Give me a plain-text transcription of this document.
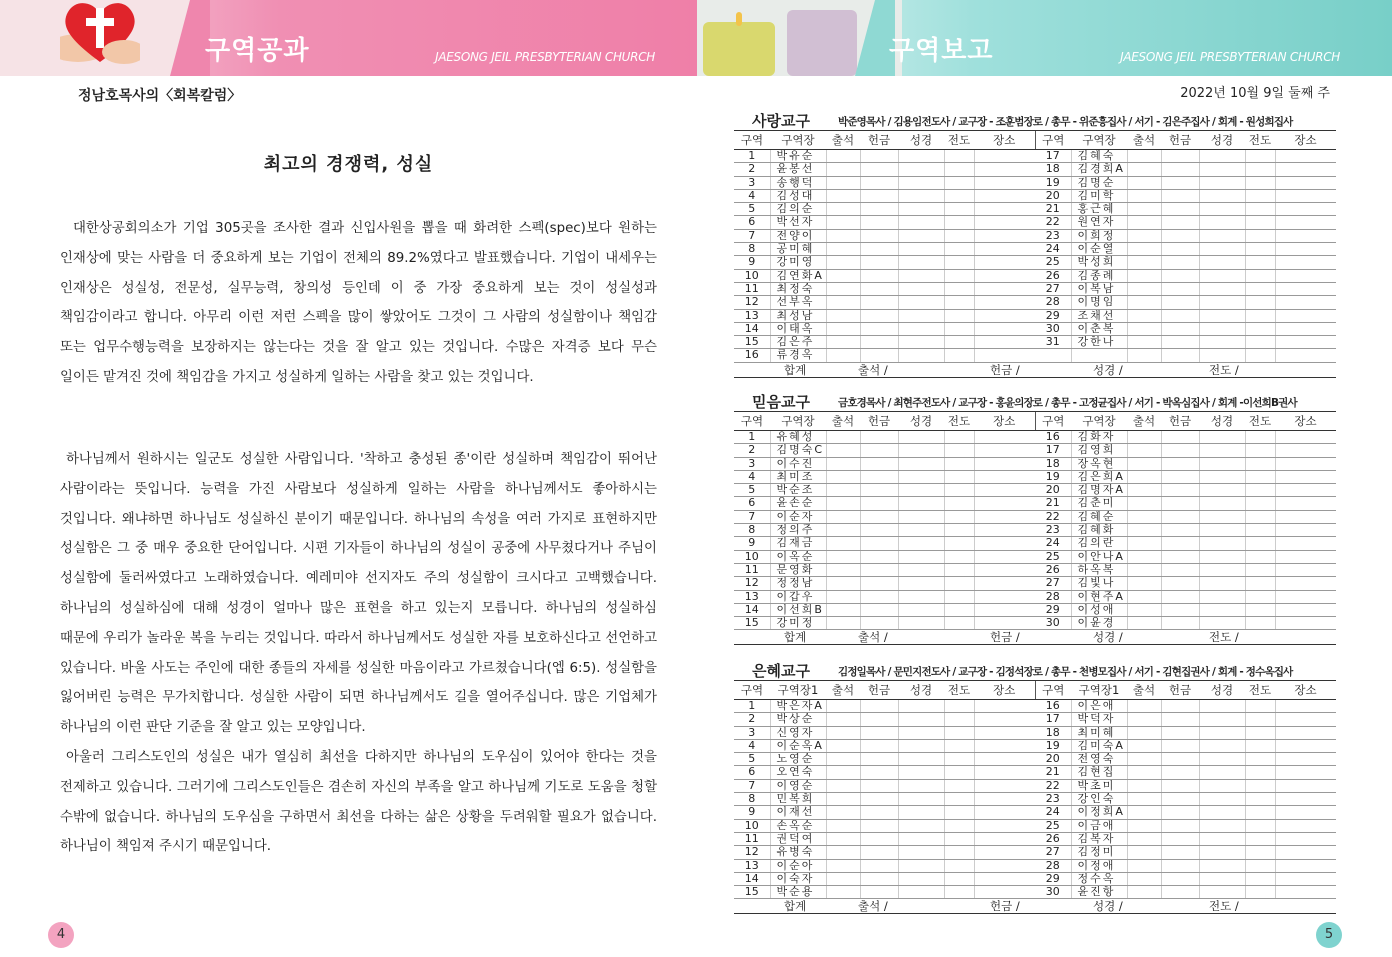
구역공과	JAESONG JEIL PRESBYTERIAN CHURCH	구역보고	JAESONG JEIL PRESBYTERIAN CHURCH
정남호목사의〈회복칼럼〉
최고의 경쟁력, 성실

대한상공회의소가 기업 305곳을 조사한 결과 신입사원을 뽑을 때 화려한 스펙(spec)보다 원하는 인재상에 맞는 사람을 더 중요하게 보는 기업이 전체의 89.2%였다고 발표했습니다. 기업이 내세우는 인재상은 성실성, 전문성, 실무능력, 창의성 등인데 이 중 가장 중요하게 보는 것이 성실성과 책임감이라고 합니다. 아무리 이런 저런 스펙을 많이 쌓았어도 그것이 그 사람의 성실함이나 책임감 또는 업무수행능력을 보장하지는 않는다는 것을 잘 알고 있는 것입니다. 수많은 자격증 보다 무슨 일이든 맡겨진 것에 책임감을 가지고 성실하게 일하는 사람을 찾고 있는 것입니다.

하나님께서 원하시는 일군도 성실한 사람입니다. '착하고 충성된 종'이란 성실하며 책임감이 뛰어난 사람이라는 뜻입니다. 능력을 가진 사람보다 성실하게 일하는 사람을 하나님께서도 좋아하시는 것입니다. 왜냐하면 하나님도 성실하신 분이기 때문입니다. 하나님의 속성을 여러 가지로 표현하지만 성실함은 그 중 매우 중요한 단어입니다. 시편 기자들이 하나님의 성실이 공중에 사무쳤다거나 주님이 성실함에 둘러싸였다고 노래하였습니다. 예레미야 선지자도 주의 성실함이 크시다고 고백했습니다. 하나님의 성실하심에 대해 성경이 얼마나 많은 표현을 하고 있는지 모릅니다. 하나님의 성실하심 때문에 우리가 놀라운 복을 누리는 것입니다. 따라서 하나님께서도 성실한 자를 보호하신다고 선언하고 있습니다. 바울 사도는 주인에 대한 종들의 자세를 성실한 마음이라고 가르쳤습니다(엡 6:5). 성실함을 잃어버린 능력은 무가치합니다. 성실한 사람이 되면 하나님께서도 길을 열어주십니다. 많은 기업체가 하나님의 이런 판단 기준을 잘 알고 있는 모양입니다.

아울러 그리스도인의 성실은 내가 열심히 최선을 다하지만 하나님의 도우심이 있어야 한다는 것을 전제하고 있습니다. 그러기에 그리스도인들은 겸손히 자신의 부족을 알고 하나님께 기도로 도움을 청할 수밖에 없습니다. 하나님의 도우심을 구하면서 최선을 다하는 삶은 상황을 두려워할 필요가 없습니다. 하나님이 책임져 주시기 때문입니다.

4
2022년 10월 9일 둘째 주
사랑교구	박준영목사 / 김용임전도사 / 교구장 - 조훈범장로 / 총무 - 위준흥집사 / 서기 - 김은주집사 / 회계 - 원성희집사
구역	구역장	출석	헌금	성경	전도	장소	구역	구역장	출석	헌금	성경	전도	장소
1	박유순						17	김혜숙					
2	윤봉선						18	김경희A					
3	송행덕						19	김명순					
4	김성대						20	김미학					
5	김의순						21	홍근혜					
6	박선자						22	원연자					
7	전양이						23	이희정					
8	공미혜						24	이순열					
9	강미영						25	박성희					
10	김연화A						26	김종례					
11	최정숙						27	이복남					
12	선부옥						28	이명임					
13	최성남						29	조채선					
14	이태옥						30	이춘복					
15	김은주						31	강한나					
16	류경옥												
합계		출석 /				헌금 /		성경 /			전도 /		
믿음교구	금호경목사 / 최현주전도사 / 교구장 - 홍윤의장로 / 총무 - 고정균집사 / 서기 - 박옥심집사 / 회계 -이선희B권사
구역	구역장	출석	헌금	성경	전도	장소	구역	구역장	출석	헌금	성경	전도	장소
1	유혜성						16	김화자					
2	김명숙C						17	김영희					
3	이수진						18	장옥현					
4	최미조						19	김은희A					
5	박순조						20	김명자A					
6	윤손순						21	김춘미					
7	이순자						22	김혜순					
8	정의주						23	김혜화					
9	김재금						24	김의란					
10	이옥순						25	이안나A					
11	문영화						26	하옥복					
12	정정남						27	김빛나					
13	이갑우						28	이현주A					
14	이선희B						29	이성애					
15	강미정						30	이윤경					
합계		출석 /				헌금 /		성경 /			전도 /		
은혜교구	김정일목사 / 문민지전도사 / 교구장 - 김정석장로 / 총무 - 천병모집사 / 서기 - 김현집권사 / 회계 - 정수옥집사
구역	구역장1	출석	헌금	성경	전도	장소	구역	구역장1	출석	헌금	성경	전도	장소
1	박은자A						16	이은애					
2	박상순						17	박덕자					
3	신영자						18	최미혜					
4	이순옥A						19	김미숙A					
5	노영순						20	전영숙					
6	오연숙						21	김현집					
7	이영순						22	박초미					
8	민복희						23	강인숙					
9	이재선						24	이정희A					
10	손옥순						25	이금애					
11	권덕여						26	김복자					
12	유병숙						27	김정미					
13	이순아						28	이정애					
14	이숙자						29	정수옥					
15	박순용						30	윤진항					
합계		출석 /				헌금 /		성경 /			전도 /		
5
